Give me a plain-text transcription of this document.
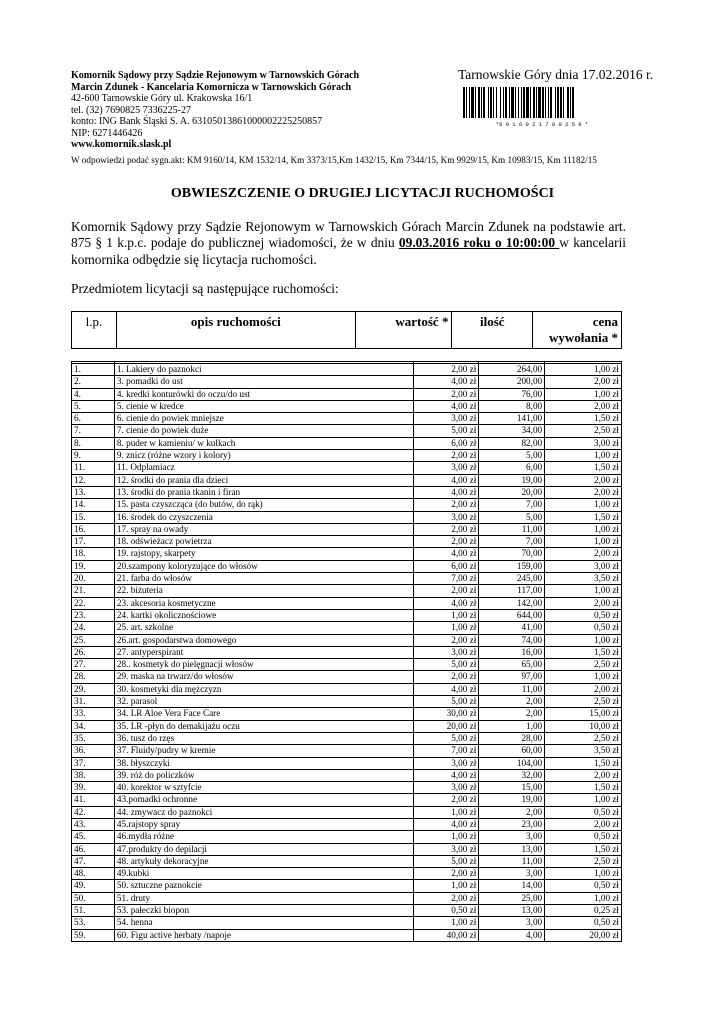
Komornik Sądowy przy Sądzie Rejonowym w Tarnowskich Górach
Marcin Zdunek - Kancelaria Komornicza w Tarnowskich Górach
42-600 Tarnowskie Góry ul. Krakowska 16/1
tel. (32) 7690825 7336225-27
konto: ING Bank Śląski S. A. 63105013861000002225250857
NIP: 6271446426
www.komornik.slask.pl
Tarnowskie Góry dnia 17.02.2016 r.
*6 0 1 6 0 2 1 7 0 0 2 5 9 *
W odpowiedzi podać sygn.akt: KM 9160/14, KM 1532/14, Km 3373/15,Km 1432/15, Km 7344/15, Km 9929/15, Km 10983/15, Km 11182/15
OBWIESZCZENIE O DRUGIEJ LICYTACJI RUCHOMOŚCI
Komornik Sądowy przy Sądzie Rejonowym w Tarnowskich Górach Marcin Zdunek na podstawie art. 875 § 1 k.p.c. podaje do publicznej wiadomości, że w dniu 09.03.2016 roku o 10:00:00 w kancelarii komornika odbędzie się licytacja ruchomości.
Przedmiotem licytacji są następujące ruchomości:
l.p.	opis ruchomości	wartość *	ilość	cena wywołania *

1.	1. Lakiery do paznokci	2,00 zł	264,00	1,00 zł
2.	3. pomadki do ust	4,00 zł	200,00	2,00 zł
4.	4. kredki konturówki do oczu/do ust	2,00 zł	76,00	1,00 zł
5.	5. cienie w kredce	4,00 zł	8,00	2,00 zł
6.	6. cienie do powiek mniejsze	3,00 zł	141,00	1,50 zł
7.	7. cienie do powiek duże	5,00 zł	34,00	2,50 zł
8.	8. puder w kamieniu/ w kulkach	6,00 zł	82,00	3,00 zł
9.	9. znicz (różne wzory i kolory)	2,00 zł	5,00	1,00 zł
11.	11. Odplamiacz	3,00 zł	6,00	1,50 zł
12.	12. środki do prania dla dzieci	4,00 zł	19,00	2,00 zł
13.	13. środki do prania tkanin i firan	4,00 zł	20,00	2,00 zł
14.	15. pasta czyszcząca (do butów, do rąk)	2,00 zł	7,00	1,00 zł
15.	16. środek do czyszczenia	3,00 zł	5,00	1,50 zł
16.	17. spray na owady	2,00 zł	11,00	1,00 zł
17.	18. odświeżacz powietrza	2,00 zł	7,00	1,00 zł
18.	19. rajstopy, skarpety	4,00 zł	70,00	2,00 zł
19.	20.szampony koloryzujące do włosów	6,00 zł	159,00	3,00 zł
20.	21. farba do włosów	7,00 zł	245,00	3,50 zł
21.	22. biżuteria	2,00 zł	117,00	1,00 zł
22.	23. akcesoria kosmetyczne	4,00 zł	142,00	2,00 zł
23.	24. kartki okolicznościowe	1,00 zł	644,00	0,50 zł
24.	25. art. szkolne	1,00 zł	41,00	0,50 zł
25.	26.art. gospodarstwa domowego	2,00 zł	74,00	1,00 zł
26.	27. antyperspirant	3,00 zł	16,00	1,50 zł
27.	28.. kosmetyk do pielęgnacji włosów	5,00 zł	65,00	2,50 zł
28.	29. maska na trwarz/do włosów	2,00 zł	97,00	1,00 zł
29.	30. kosmetyki dla mężczyzn	4,00 zł	11,00	2,00 zł
31.	32. parasol	5,00 zł	2,00	2,50 zł
33.	34. LR Aloe Vera Face Care	30,00 zł	2,00	15,00 zł
34.	35. LR -płyn do demakijażu oczu	20,00 zł	1,00	10,00 zł
35.	36. tusz do rzęs	5,00 zł	28,00	2,50 zł
36.	37. Fluidy/pudry w kremie	7,00 zł	60,00	3,50 zł
37.	38. błyszczyki	3,00 zł	104,00	1,50 zł
38.	39. róż do policzków	4,00 zł	32,00	2,00 zł
39.	40. korektor w sztyfcie	3,00 zł	15,00	1,50 zł
41.	43.pomadki ochronne	2,00 zł	19,00	1,00 zł
42.	44. zmywacz do paznokci	1,00 zł	2,00	0,50 zł
43.	45.rajstopy spray	4,00 zł	23,00	2,00 zł
45.	46.mydła różne	1,00 zł	3,00	0,50 zł
46.	47.produkty do depilacji	3,00 zł	13,00	1,50 zł
47.	48. artykuły dekoracyjne	5,00 zł	11,00	2,50 zł
48.	49.kubki	2,00 zł	3,00	1,00 zł
49.	50. sztuczne paznokcie	1,00 zł	14,00	0,50 zł
50.	51. druty	2,00 zł	25,00	1,00 zł
51.	53. pałeczki biopon	0,50 zł	13,00	0,25 zł
53.	54. henna	1,00 zł	3,00	0,50 zł
59.	60. Figu active herbaty /napoje	40,00 zł	4,00	20,00 zł
